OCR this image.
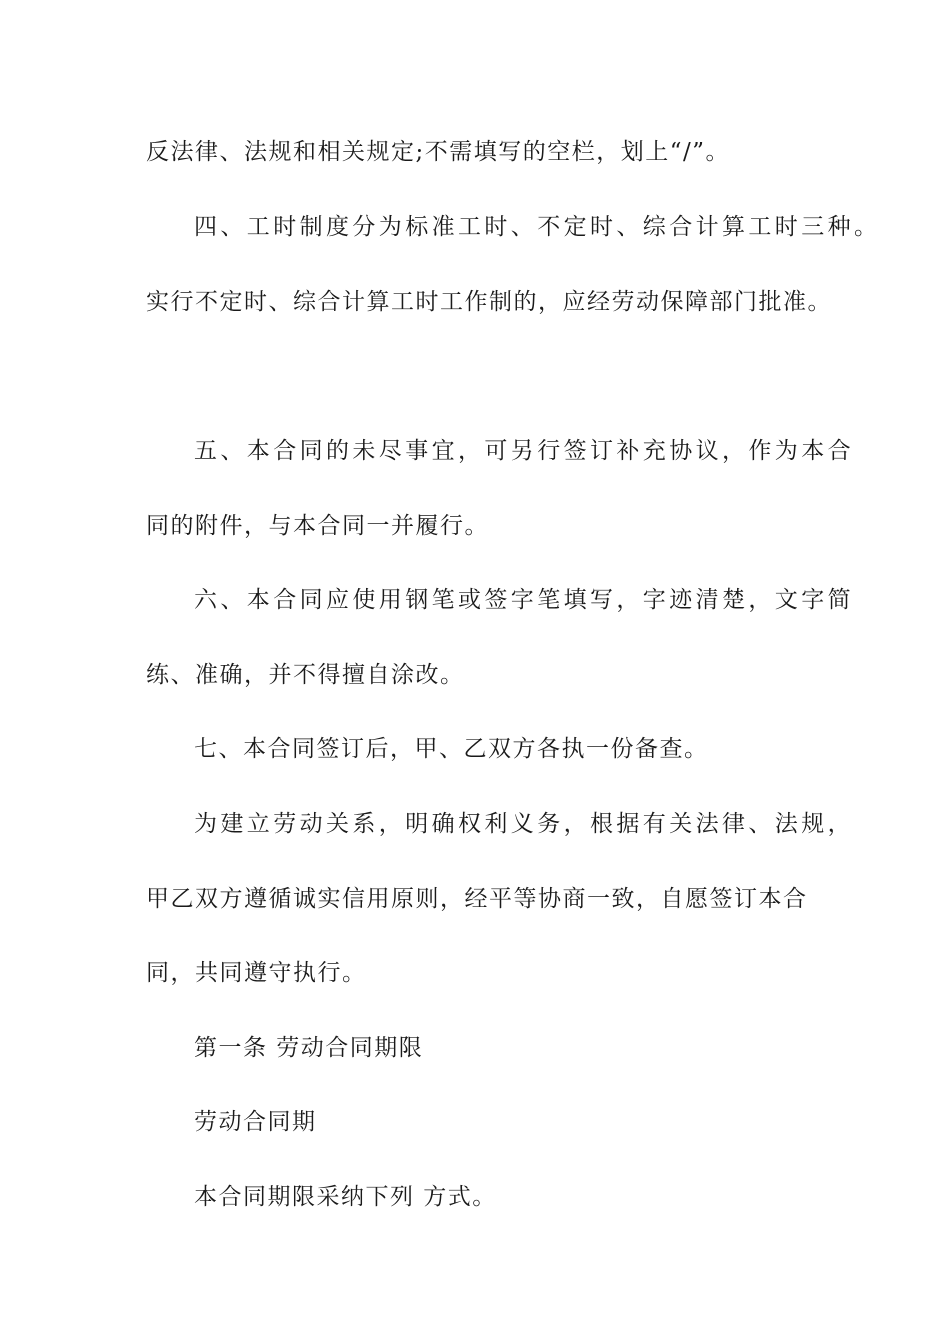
反法律、法规和相关规定;不需填写的空栏，划上“/”。
四、工时制度分为标准工时、不定时、综合计算工时三种。
实行不定时、综合计算工时工作制的，应经劳动保障部门批准。
五、本合同的未尽事宜，可另行签订补充协议，作为本合
同的附件，与本合同一并履行。
六、本合同应使用钢笔或签字笔填写，字迹清楚，文字简
练、准确，并不得擅自涂改。
七、本合同签订后，甲、乙双方各执一份备查。
为建立劳动关系，明确权利义务，根据有关法律、法规，
甲乙双方遵循诚实信用原则，经平等协商一致，自愿签订本合
同，共同遵守执行。
第一条 劳动合同期限
劳动合同期
本合同期限采纳下列 方式。
